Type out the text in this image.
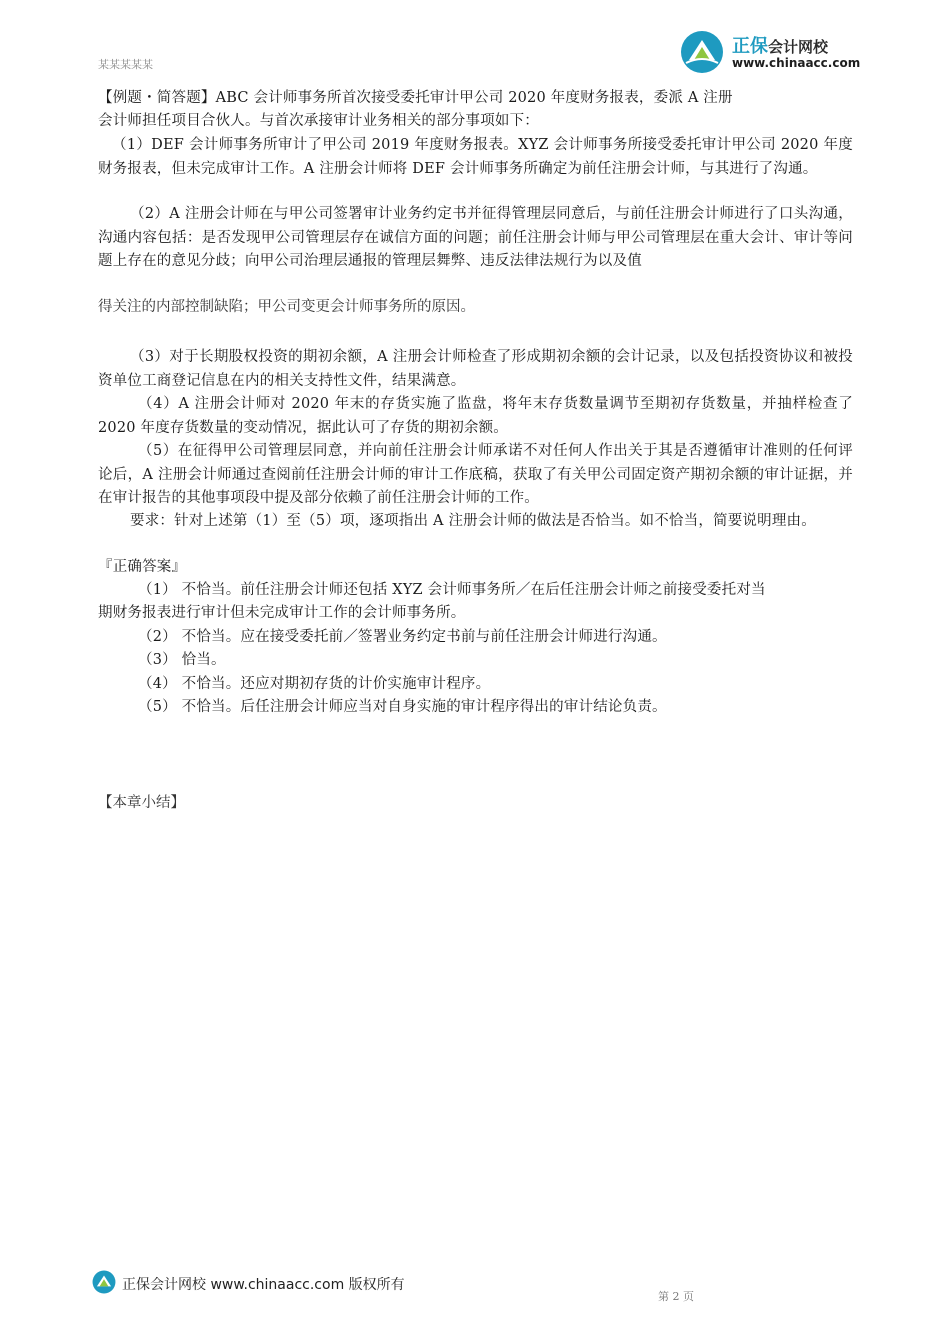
正保会计网校
www.chinaacc.com
某某某某某
【例题・简答题】ABC 会计师事务所首次接受委托审计甲公司 2020 年度财务报表，委派 A 注册
会计师担任项目合伙人。与首次承接审计业务相关的部分事项如下：
（1）DEF 会计师事务所审计了甲公司 2019 年度财务报表。XYZ 会计师事务所接受委托审计甲公司 2020 年度财务报表，但未完成审计工作。A 注册会计师将 DEF 会计师事务所确定为前任注册会计师，与其进行了沟通。
（2）A 注册会计师在与甲公司签署审计业务约定书并征得管理层同意后，与前任注册会计师进行了口头沟通，沟通内容包括：是否发现甲公司管理层存在诚信方面的问题；前任注册会计师与甲公司管理层在重大会计、审计等问题上存在的意见分歧；向甲公司治理层通报的管理层舞弊、违反法律法规行为以及值
得关注的内部控制缺陷；甲公司变更会计师事务所的原因。
（3）对于长期股权投资的期初余额，A 注册会计师检查了形成期初余额的会计记录，以及包括投资协议和被投资单位工商登记信息在内的相关支持性文件，结果满意。
（4）A 注册会计师对 2020 年末的存货实施了监盘，将年末存货数量调节至期初存货数量，并抽样检查了 2020 年度存货数量的变动情况，据此认可了存货的期初余额。
（5）在征得甲公司管理层同意，并向前任注册会计师承诺不对任何人作出关于其是否遵循审计准则的任何评论后，A 注册会计师通过查阅前任注册会计师的审计工作底稿，获取了有关甲公司固定资产期初余额的审计证据，并在审计报告的其他事项段中提及部分依赖了前任注册会计师的工作。
要求：针对上述第（1）至（5）项，逐项指出 A 注册会计师的做法是否恰当。如不恰当，简要说明理由。
『正确答案』
（1） 不恰当。前任注册会计师还包括 XYZ 会计师事务所／在后任注册会计师之前接受委托对当
期财务报表进行审计但未完成审计工作的会计师事务所。
（2） 不恰当。应在接受委托前／签署业务约定书前与前任注册会计师进行沟通。
（3） 恰当。
（4） 不恰当。还应对期初存货的计价实施审计程序。
（5） 不恰当。后任注册会计师应当对自身实施的审计程序得出的审计结论负责。
【本章小结】
正保会计网校 www.chinaacc.com 版权所有
第 2 页
